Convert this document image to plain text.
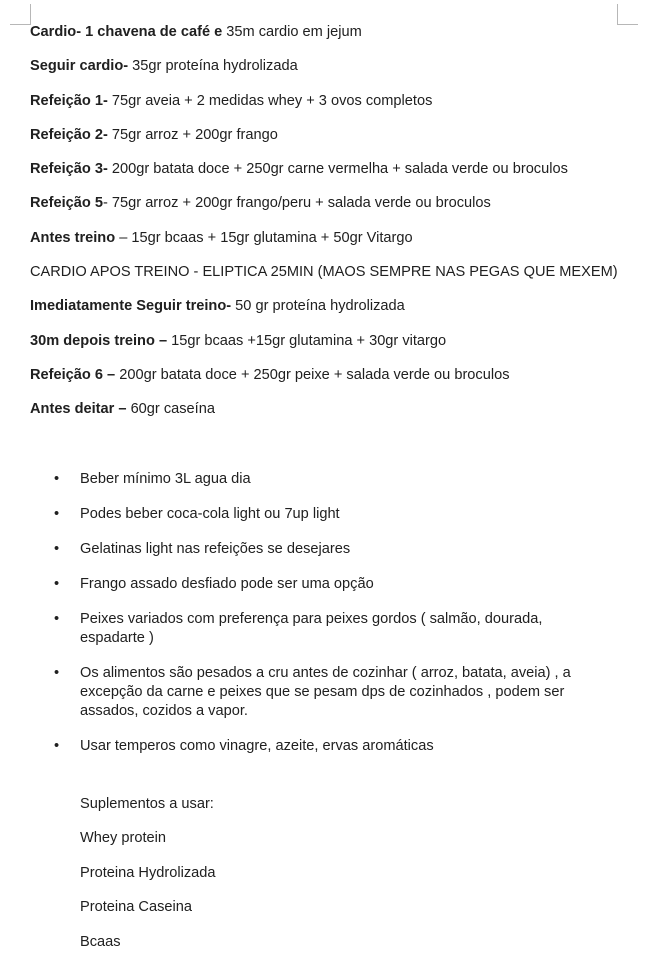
Cardio- 1 chavena de café e 35m cardio em jejum
Seguir cardio- 35gr proteína hydrolizada
Refeição 1- 75gr aveia + 2 medidas whey + 3 ovos completos
Refeição 2- 75gr arroz + 200gr frango
Refeição 3- 200gr batata doce + 250gr carne vermelha + salada verde ou broculos
Refeição 5- 75gr arroz + 200gr frango/peru + salada verde ou broculos
Antes treino – 15gr bcaas + 15gr glutamina + 50gr Vitargo
CARDIO APOS TREINO - ELIPTICA 25MIN (MAOS SEMPRE NAS PEGAS QUE MEXEM)
Imediatamente Seguir treino- 50 gr proteína hydrolizada
30m depois treino – 15gr bcaas +15gr glutamina + 30gr vitargo
Refeição 6 – 200gr batata doce + 250gr peixe + salada verde ou broculos
Antes deitar – 60gr caseína
• Beber mínimo 3L agua dia
• Podes beber coca-cola light ou 7up light
• Gelatinas light nas refeições se desejares
• Frango assado desfiado pode ser uma opção
• Peixes variados com preferença para peixes gordos ( salmão, dourada, espadarte )
• Os alimentos são pesados a cru antes de cozinhar ( arroz, batata, aveia) , a excepção da carne e peixes que se pesam dps de cozinhados , podem ser assados, cozidos a vapor.
• Usar temperos como vinagre, azeite, ervas aromáticas
Suplementos a usar:
Whey protein
Proteina Hydrolizada
Proteina Caseina
Bcaas
